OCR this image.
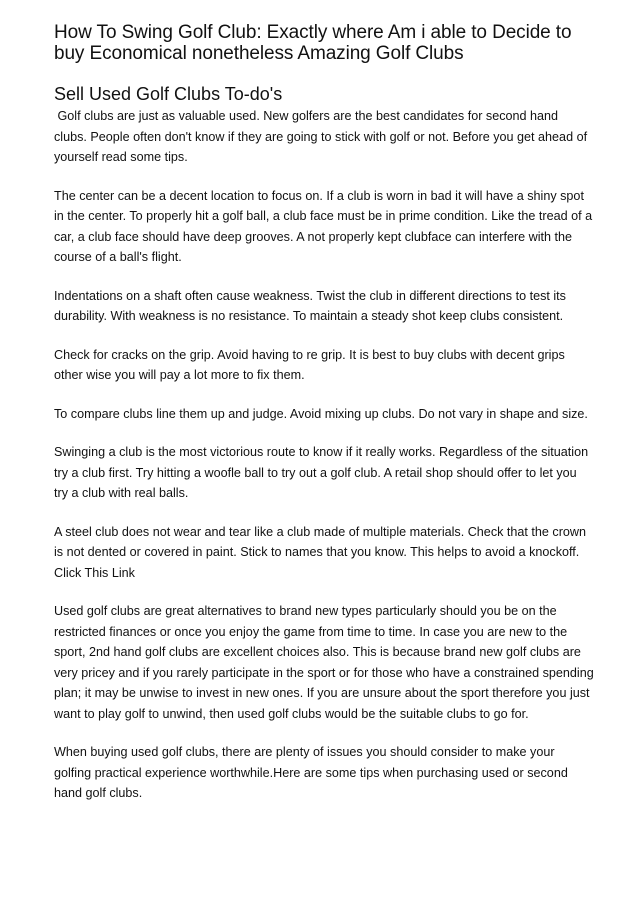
How To Swing Golf Club: Exactly where Am i able to Decide to buy Economical nonetheless Amazing Golf Clubs
Sell Used Golf Clubs To-do's

Golf clubs are just as valuable used. New golfers are the best candidates for second hand clubs. People often don't know if they are going to stick with golf or not. Before you get ahead of yourself read some tips.

The center can be a decent location to focus on. If a club is worn in bad it will have a shiny spot in the center. To properly hit a golf ball, a club face must be in prime condition. Like the tread of a car, a club face should have deep grooves. A not properly kept clubface can interfere with the course of a ball's flight.

Indentations on a shaft often cause weakness. Twist the club in different directions to test its durability. With weakness is no resistance. To maintain a steady shot keep clubs consistent.

Check for cracks on the grip. Avoid having to re grip. It is best to buy clubs with decent grips other wise you will pay a lot more to fix them.

To compare clubs line them up and judge. Avoid mixing up clubs. Do not vary in shape and size.

Swinging a club is the most victorious route to know if it really works. Regardless of the situation try a club first. Try hitting a woofle ball to try out a golf club. A retail shop should offer to let you try a club with real balls.

A steel club does not wear and tear like a club made of multiple materials. Check that the crown is not dented or covered in paint. Stick to names that you know. This helps to avoid a knockoff.

Click This Link

Used golf clubs are great alternatives to brand new types particularly should you be on the restricted finances or once you enjoy the game from time to time. In case you are new to the sport, 2nd hand golf clubs are excellent choices also. This is because brand new golf clubs are very pricey and if you rarely participate in the sport or for those who have a constrained spending plan; it may be unwise to invest in new ones. If you are unsure about the sport therefore you just want to play golf to unwind, then used golf clubs would be the suitable clubs to go for.

When buying used golf clubs, there are plenty of issues you should consider to make your golfing practical experience worthwhile.Here are some tips when purchasing used or second hand golf clubs.
